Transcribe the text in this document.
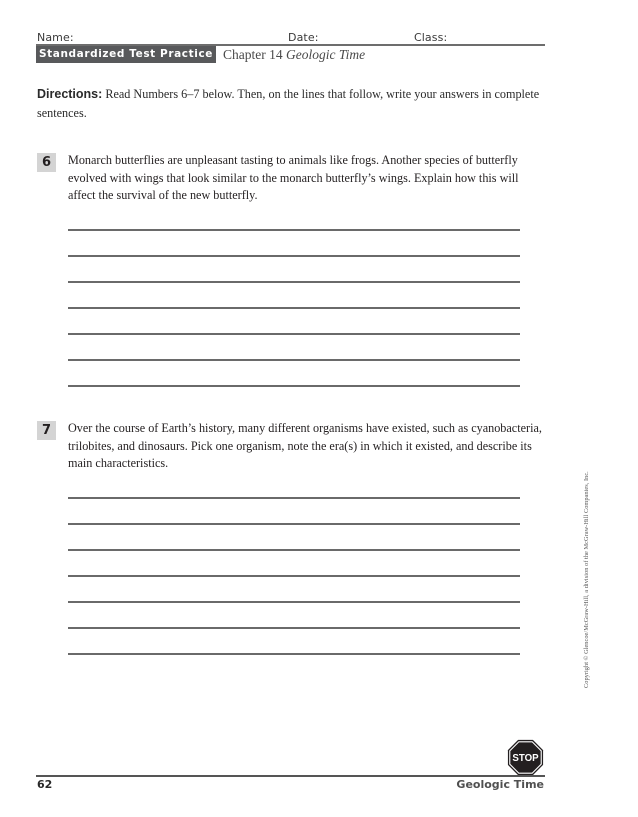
Name:	Date:	Class:
Standardized Test Practice Chapter 14 Geologic Time
Directions: Read Numbers 6–7 below. Then, on the lines that follow, write your answers in complete sentences.
6	Monarch butterflies are unpleasant tasting to animals like frogs. Another species of butterfly evolved with wings that look similar to the monarch butterfly’s wings. Explain how this will affect the survival of the new butterfly.
7	Over the course of Earth’s history, many different organisms have existed, such as cyanobacteria, trilobites, and dinosaurs. Pick one organism, note the era(s) in which it existed, and describe its main characteristics.
Copyright © Glencoe/McGraw-Hill, a division of the McGraw-Hill Companies, Inc.
STOP
62	Geologic Time
